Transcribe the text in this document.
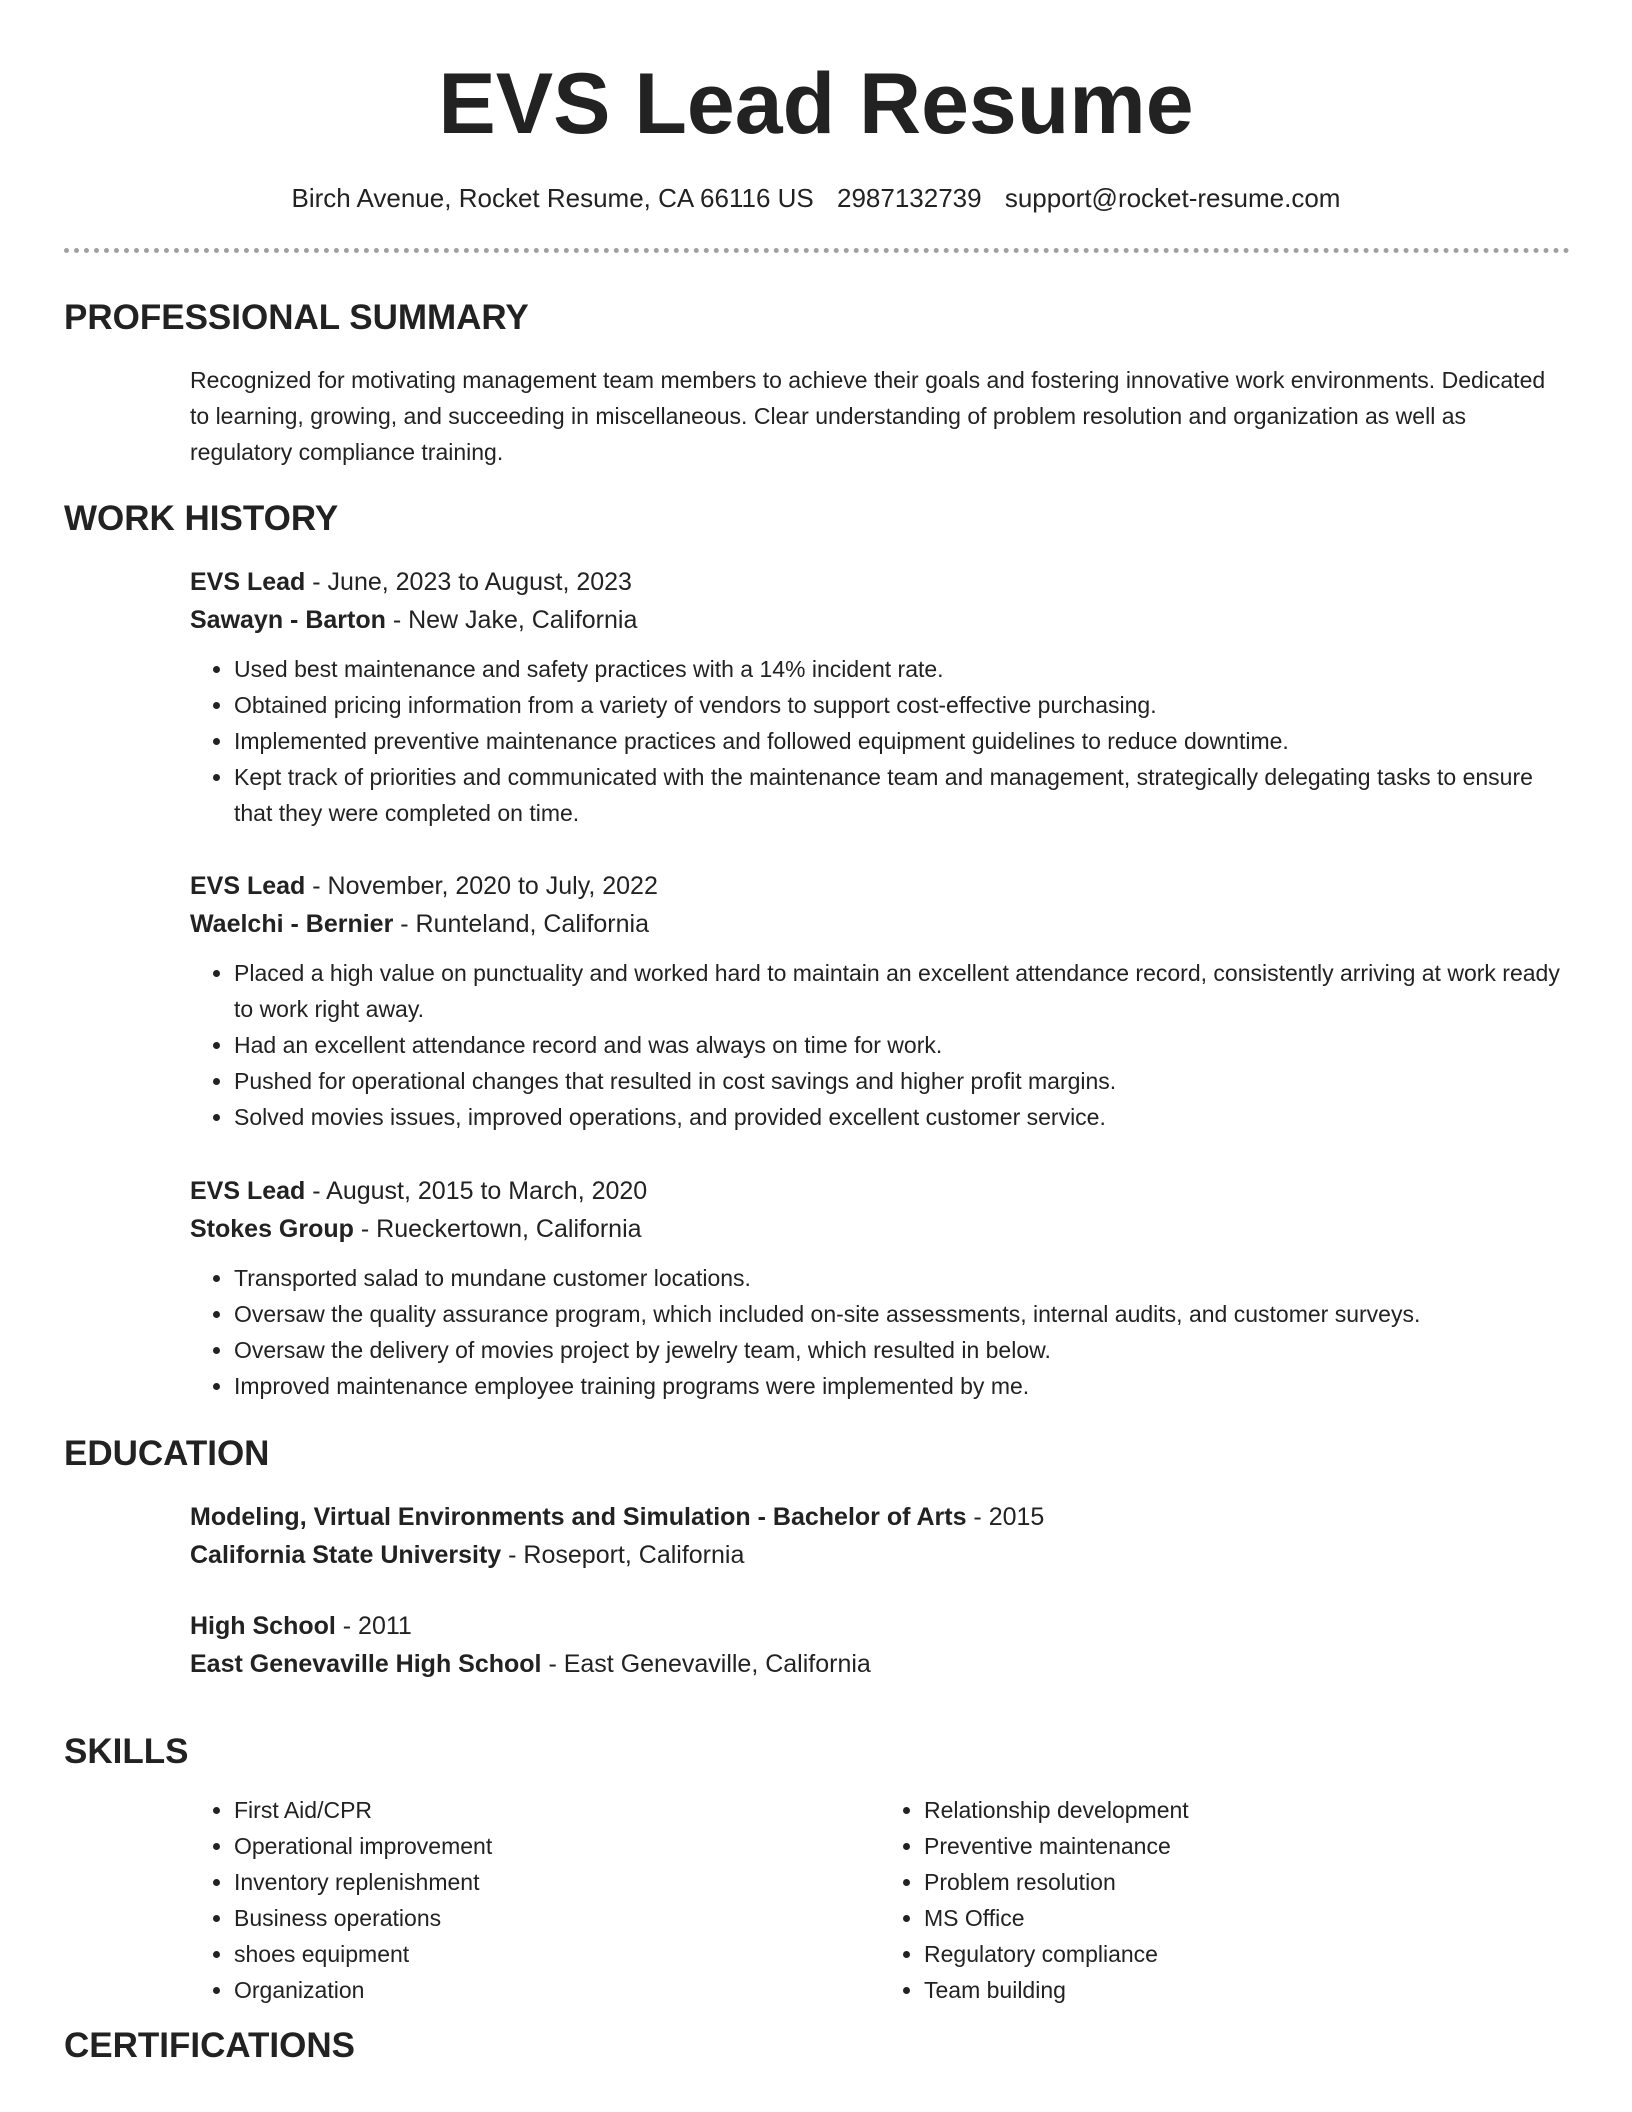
EVS Lead Resume
Birch Avenue, Rocket Resume, CA 66116 US 2987132739 support@rocket-resume.com
PROFESSIONAL SUMMARY

Recognized for motivating management team members to achieve their goals and fostering innovative work environments. Dedicated to learning, growing, and succeeding in miscellaneous. Clear understanding of problem resolution and organization as well as regulatory compliance training.

WORK HISTORY
EVS Lead - June, 2023 to August, 2023
Sawayn - Barton - New Jake, California
• Used best maintenance and safety practices with a 14% incident rate.
• Obtained pricing information from a variety of vendors to support cost-effective purchasing.
• Implemented preventive maintenance practices and followed equipment guidelines to reduce downtime.
• Kept track of priorities and communicated with the maintenance team and management, strategically delegating tasks to ensure that they were completed on time.
EVS Lead - November, 2020 to July, 2022
Waelchi - Bernier - Runteland, California
• Placed a high value on punctuality and worked hard to maintain an excellent attendance record, consistently arriving at work ready to work right away.
• Had an excellent attendance record and was always on time for work.
• Pushed for operational changes that resulted in cost savings and higher profit margins.
• Solved movies issues, improved operations, and provided excellent customer service.
EVS Lead - August, 2015 to March, 2020
Stokes Group - Rueckertown, California
• Transported salad to mundane customer locations.
• Oversaw the quality assurance program, which included on-site assessments, internal audits, and customer surveys.
• Oversaw the delivery of movies project by jewelry team, which resulted in below.
• Improved maintenance employee training programs were implemented by me.
EDUCATION
Modeling, Virtual Environments and Simulation - Bachelor of Arts - 2015
California State University - Roseport, California
High School - 2011
East Genevaville High School - East Genevaville, California
SKILLS
• First Aid/CPR
• Operational improvement
• Inventory replenishment
• Business operations
• shoes equipment
• Organization
• Relationship development
• Preventive maintenance
• Problem resolution
• MS Office
• Regulatory compliance
• Team building
CERTIFICATIONS
